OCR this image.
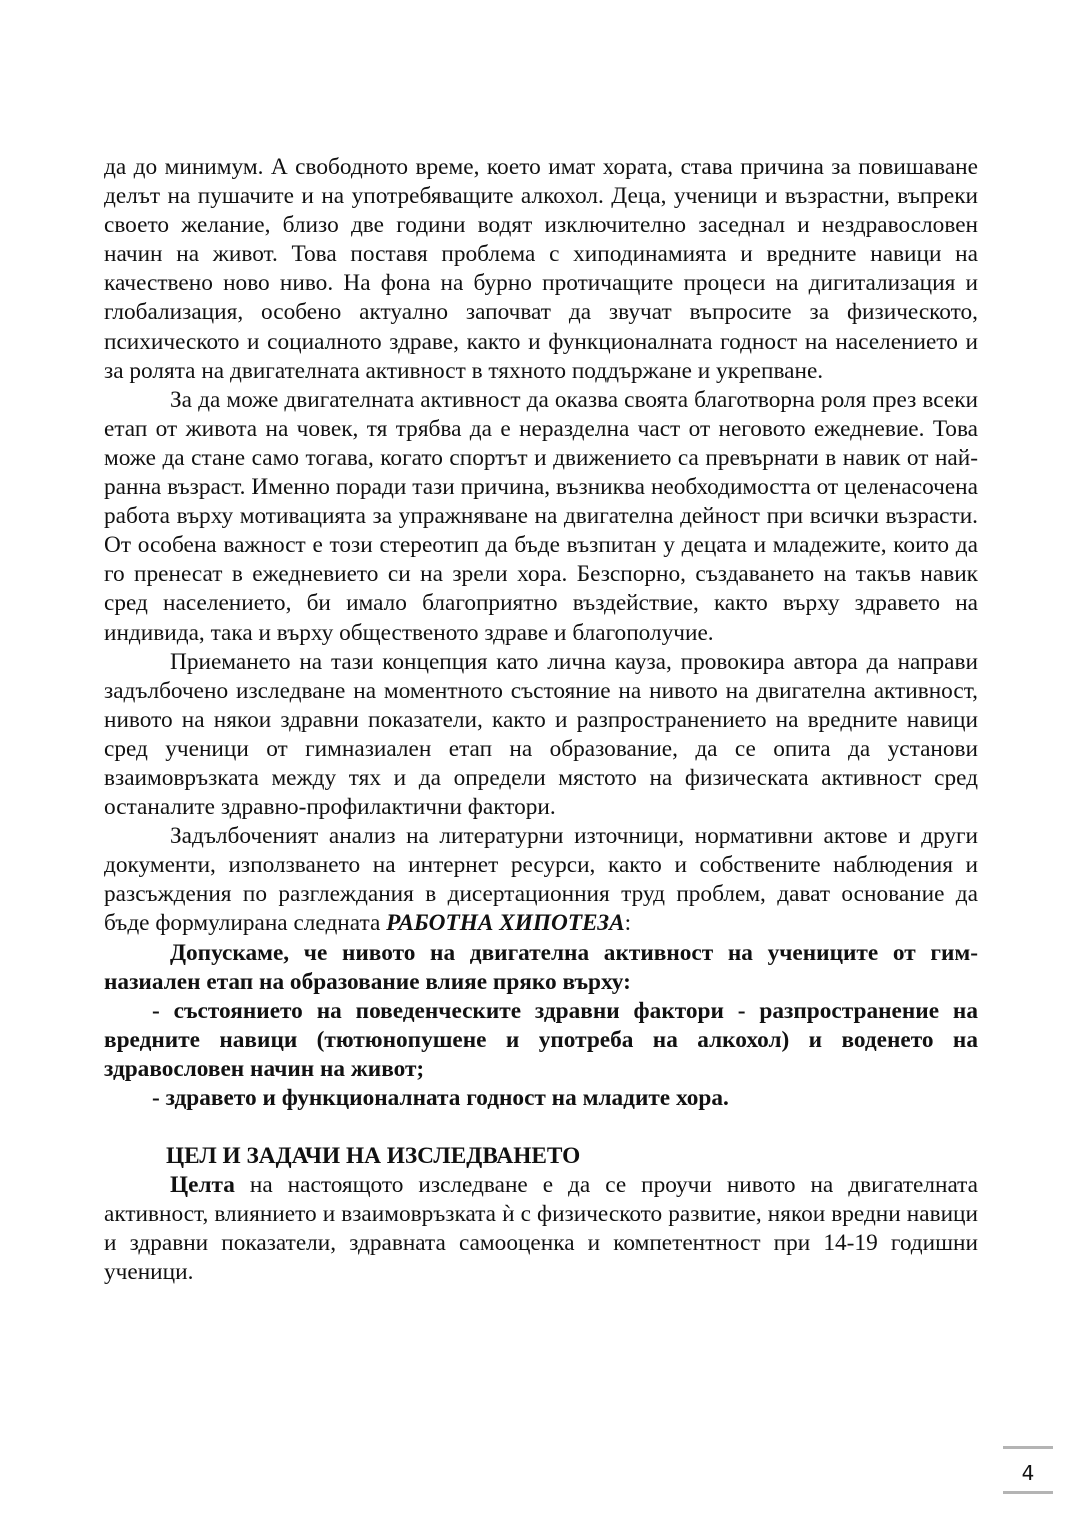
да до минимум. А свободното време, което имат хората, става причина за повишаване делът на пушачите и на употребяващите алкохол. Деца, ученици и възрастни, въпреки своето желание, близо две години водят изключително заседнал и нездравословен начин на живот. Това поставя проблема с хиподинамията и вредните навици на качествено ново ниво. На фона на бурно протичащите процеси на дигитализация и глобализация, особено актуално започват да звучат въпросите за физическото, психическото и социалното здраве, както и функционалната годност на населението и за ролята на двигателната активност в тяхното поддържане и укрепване.

За да може двигателната активност да оказва своята благотворна роля през всеки етап от живота на човек, тя трябва да е неразделна част от неговото ежедневие. Това може да стане само тогава, когато спортът и движението са превърнати в навик от най-ранна възраст. Именно поради тази причина, възниква необходимостта от целенасочена работа върху мотивацията за упражняване на двигателна дейност при всички възрасти. От особена важност е този стереотип да бъде възпитан у децата и младежите, които да го пренесат в ежедневието си на зрели хора. Безспорно, създаването на такъв навик сред населението, би имало благоприятно въздействие, както върху здравето на индивида, така и върху общественото здраве и благополучие.

Приемането на тази концепция като лична кауза, провокира автора да направи задълбочено изследване на моментното състояние на нивото на двигателна активност, нивото на някои здравни показатели, както и разпространението на вредните навици сред ученици от гимназиален етап на образование, да се опита да установи взаимовръзката между тях и да определи мястото на физическата активност сред останалите здравно-профилактични фактори.

Задълбоченият анализ на литературни източници, нормативни актове и други документи, използването на интернет ресурси, както и собствените наблюдения и разсъждения по разглеждания в дисертационния труд проблем, дават основание да бъде формулирана следната РАБОТНА ХИПОТЕЗА:

Допускаме, че нивото на двигателна активност на учениците от гимназиален етап на образование влияе пряко върху:

- състоянието на поведенческите здравни фактори - разпространение на вредните навици (тютюнопушене и употреба на алкохол) и воденето на здравословен начин на живот;

- здравето и функционалната годност на младите хора.

ЦЕЛ И ЗАДАЧИ НА ИЗСЛЕДВАНЕТО

Целта на настоящото изследване е да се проучи нивото на двигателната активност, влиянието и взаимовръзката ѝ с физическото развитие, някои вредни навици и здравни показатели, здравната самооценка и компетентност при 14-19 годишни ученици.

4
